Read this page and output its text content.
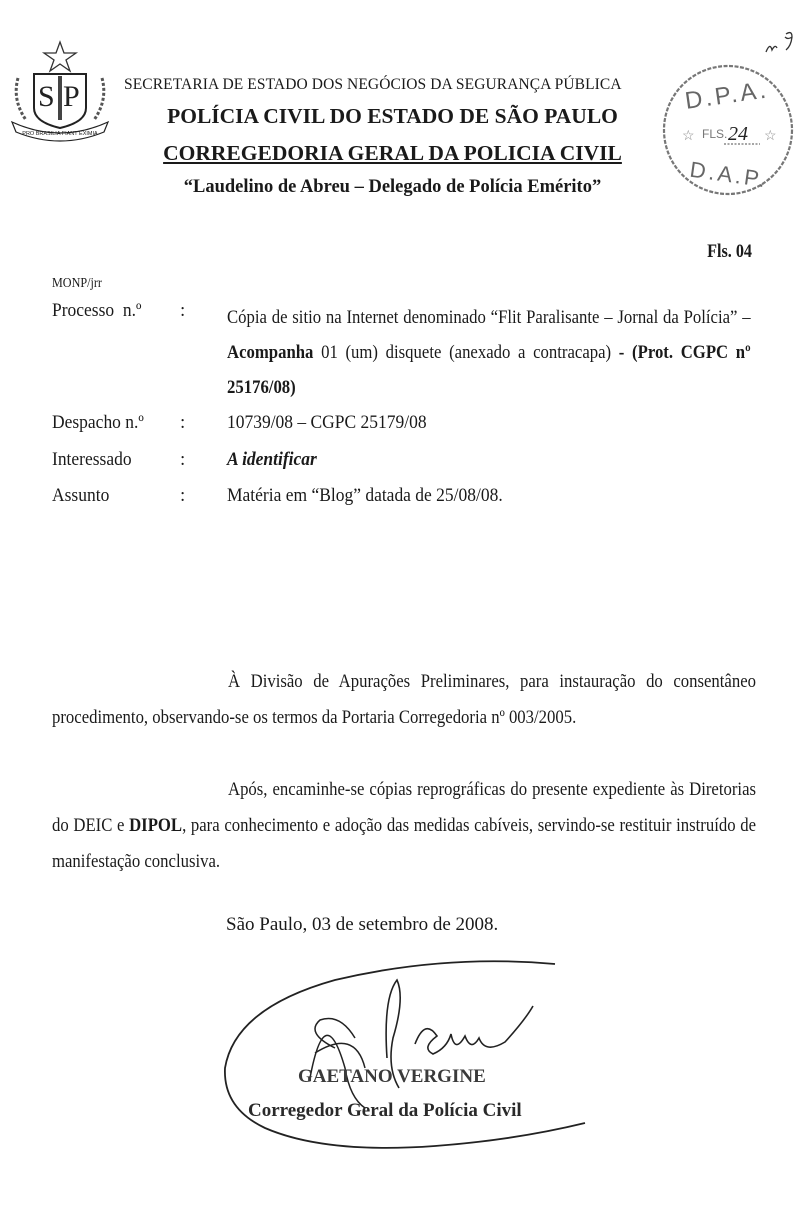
S P
PRO BRASILIA FIANT EXIMIA
SECRETARIA DE ESTADO DOS NEGÓCIOS DA SEGURANÇA PÚBLICA
POLÍCIA CIVIL DO ESTADO DE SÃO PAULO
CORREGEDORIA GERAL DA POLICIA CIVIL
“Laudelino de Abreu – Delegado de Polícia Emérito”
D.P.A.
☆ FLS. 24 ☆
D.A.P.
Fls. 04
MONP/jrr
Processo  n.º : Cópia de sitio na Internet denominado “Flit Paralisante – Jornal da Polícia” – Acompanha 01 (um) disquete (anexado a contracapa) - (Prot. CGPC nº 25176/08)
Despacho n.º : 10739/08 – CGPC 25179/08
Interessado	: A identificar
Assunto	: Matéria em “Blog” datada de 25/08/08.
À Divisão de Apurações Preliminares, para instauração do consentâneo procedimento, observando-se os termos da Portaria Corregedoria nº 003/2005.
Após, encaminhe-se cópias reprográficas do presente expediente às Diretorias do DEIC e DIPOL, para conhecimento e adoção das medidas cabíveis, servindo-se restituir instruído de manifestação conclusiva.
São Paulo, 03 de setembro de 2008.
GAETANO VERGINE
Corregedor Geral da Polícia Civil
